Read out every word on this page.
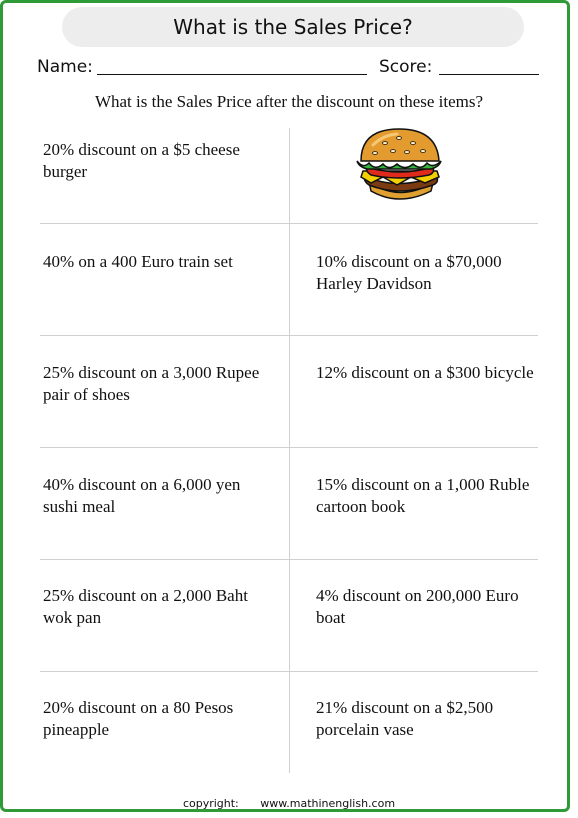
What is the Sales Price?
Name:	Score:
What is the Sales Price after the discount on these items?
20% discount on a $5 cheese
burger
40% on a 400 Euro train set	10% discount on a $70,000
Harley Davidson
25% discount on a 3,000 Rupee
pair of shoes
12% discount on a $300 bicycle
40% discount on a 6,000 yen
sushi meal
15% discount on a 1,000 Ruble
cartoon book
25% discount on a 2,000 Baht
wok pan
4% discount on 200,000 Euro
boat
20% discount on a 80 Pesos
pineapple
21% discount on a $2,500
porcelain vase
copyright: www.mathinenglish.com
